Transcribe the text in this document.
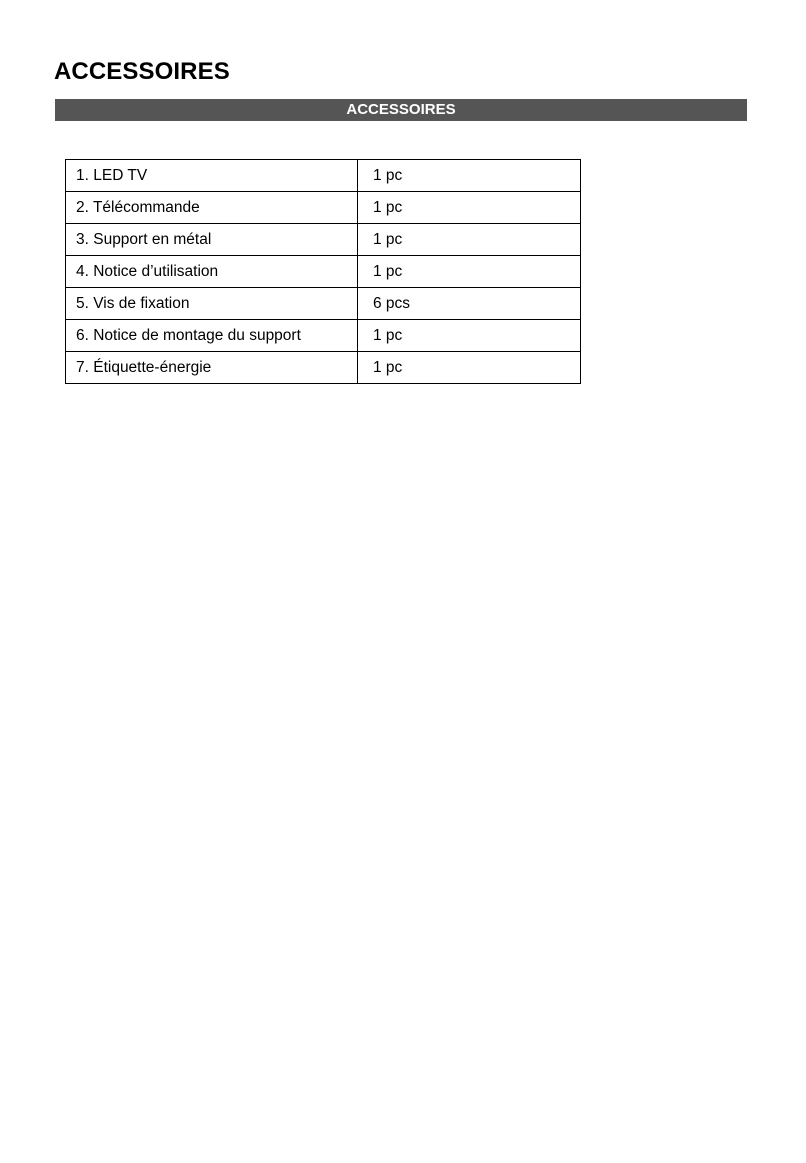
ACCESSOIRES
ACCESSOIRES
1. LED TV	1 pc
2. Télécommande	1 pc
3. Support en métal	1 pc
4. Notice d’utilisation	1 pc
5. Vis de fixation	6 pcs
6. Notice de montage du support	1 pc
7. Étiquette-énergie	1 pc
